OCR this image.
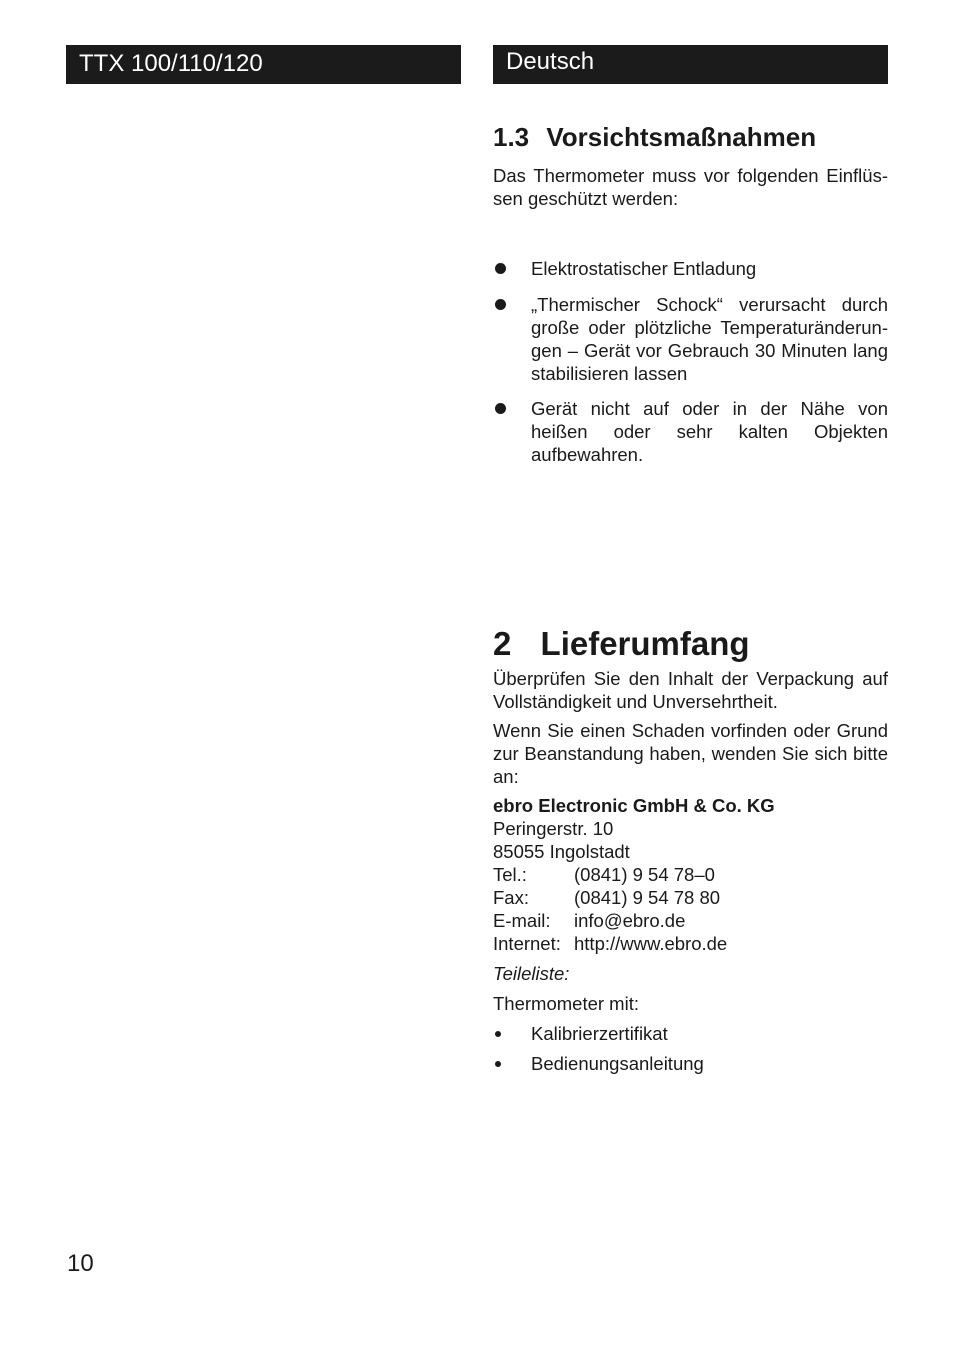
TTX 100/110/120	Deutsch
1.3 Vorsichtsmaßnahmen

Das Thermometer muss vor folgenden Einflüs-sen geschützt werden:

Elektrostatischer Entladung
„Thermischer Schock“ verursacht durch große oder plötzliche Temperaturänderun-gen – Gerät vor Gebrauch 30 Minuten lang stabilisieren lassen
Gerät nicht auf oder in der Nähe von heißen oder sehr kalten Objekten aufbewahren.
2 Lieferumfang

Überprüfen Sie den Inhalt der Verpackung auf Vollständigkeit und Unversehrtheit.

Wenn Sie einen Schaden vorfinden oder Grund zur Beanstandung haben, wenden Sie sich bitte an:

ebro Electronic GmbH & Co. KG
Peringerstr. 10
85055 Ingolstadt
Tel.:	(0841) 9 54 78–0
Fax:	(0841) 9 54 78 80
E-mail:	info@ebro.de
Internet: http://www.ebro.de
Teileliste:
Thermometer mit:
Kalibrierzertifikat
Bedienungsanleitung
10
